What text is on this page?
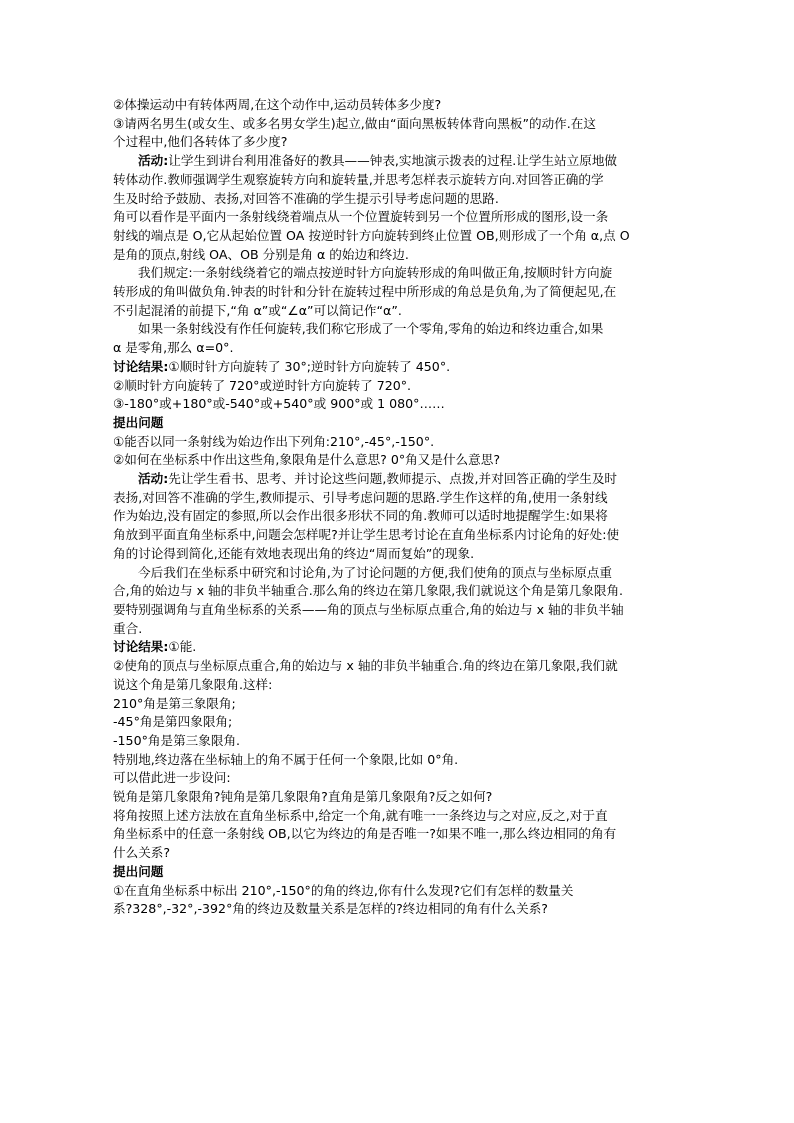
②体操运动中有转体两周,在这个动作中,运动员转体多少度?
③请两名男生(或女生、或多名男女学生)起立,做由“面向黑板转体背向黑板”的动作.在这
个过程中,他们各转体了多少度?
活动:让学生到讲台利用准备好的教具——钟表,实地演示拨表的过程.让学生站立原地做
转体动作.教师强调学生观察旋转方向和旋转量,并思考怎样表示旋转方向.对回答正确的学
生及时给予鼓励、表扬,对回答不准确的学生提示引导考虑问题的思路.
角可以看作是平面内一条射线绕着端点从一个位置旋转到另一个位置所形成的图形,设一条
射线的端点是 O,它从起始位置 OA 按逆时针方向旋转到终止位置 OB,则形成了一个角 α,点 O
是角的顶点,射线 OA、OB 分别是角 α 的始边和终边.
我们规定:一条射线绕着它的端点按逆时针方向旋转形成的角叫做正角,按顺时针方向旋
转形成的角叫做负角.钟表的时针和分针在旋转过程中所形成的角总是负角,为了简便起见,在
不引起混淆的前提下,“角 α”或“∠α”可以简记作“α”.
如果一条射线没有作任何旋转,我们称它形成了一个零角,零角的始边和终边重合,如果
α 是零角,那么 α=0°.
讨论结果:①顺时针方向旋转了 30°;逆时针方向旋转了 450°.
②顺时针方向旋转了 720°或逆时针方向旋转了 720°.
③-180°或+180°或-540°或+540°或 900°或 1 080°……
提出问题
①能否以同一条射线为始边作出下列角:210°,-45°,-150°.
②如何在坐标系中作出这些角,象限角是什么意思? 0°角又是什么意思?
活动:先让学生看书、思考、并讨论这些问题,教师提示、点拨,并对回答正确的学生及时
表扬,对回答不准确的学生,教师提示、引导考虑问题的思路.学生作这样的角,使用一条射线
作为始边,没有固定的参照,所以会作出很多形状不同的角.教师可以适时地提醒学生:如果将
角放到平面直角坐标系中,问题会怎样呢?并让学生思考讨论在直角坐标系内讨论角的好处:使
角的讨论得到简化,还能有效地表现出角的终边“周而复始”的现象.
今后我们在坐标系中研究和讨论角,为了讨论问题的方便,我们使角的顶点与坐标原点重
合,角的始边与 x 轴的非负半轴重合.那么角的终边在第几象限,我们就说这个角是第几象限角.
要特别强调角与直角坐标系的关系——角的顶点与坐标原点重合,角的始边与 x 轴的非负半轴
重合.
讨论结果:①能.
②使角的顶点与坐标原点重合,角的始边与 x 轴的非负半轴重合.角的终边在第几象限,我们就
说这个角是第几象限角.这样:
210°角是第三象限角;
-45°角是第四象限角;
-150°角是第三象限角.
特别地,终边落在坐标轴上的角不属于任何一个象限,比如 0°角.
可以借此进一步设问:
锐角是第几象限角?钝角是第几象限角?直角是第几象限角?反之如何?
将角按照上述方法放在直角坐标系中,给定一个角,就有唯一一条终边与之对应,反之,对于直
角坐标系中的任意一条射线 OB,以它为终边的角是否唯一?如果不唯一,那么终边相同的角有
什么关系?
提出问题
①在直角坐标系中标出 210°,-150°的角的终边,你有什么发现?它们有怎样的数量关
系?328°,-32°,-392°角的终边及数量关系是怎样的?终边相同的角有什么关系?
